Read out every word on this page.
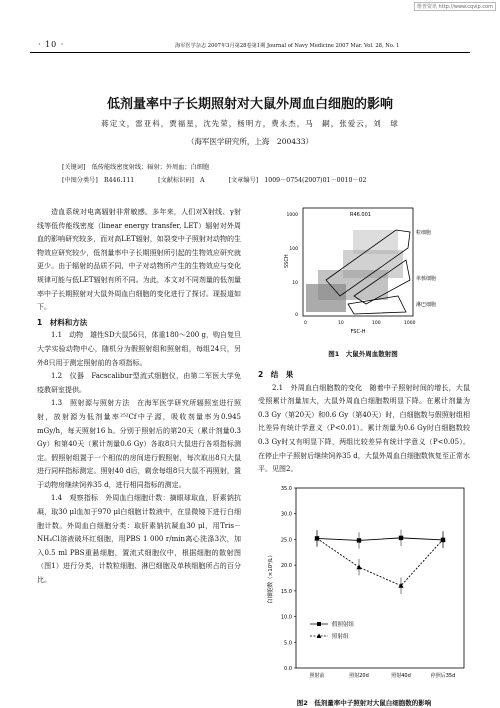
维普资讯 http://www.cqvip.com
· 10 ·	海军医学杂志 2007年3月第28卷第1期 Journal of Navy Medicine 2007 Mar. Vol. 28, No. 1
低剂量率中子长期照射对大鼠外周血白细胞的影响
蒋定文，雷亚科，贾福星，沈先荣，杨明方，费永杰，马　嗣，张爱云，刘　球
（海军医学研究所，上海　200433）
[关键词]　低传能线密度射线；辐射；外周血；白细胞
[中图分类号]　R446.111	[文献标识码]　A	[文章编号]　1009－0754(2007)01－0010－02

造血系统对电离辐射非常敏感。多年来，人们对X射线、γ射线等低传能线密度（linear energy transfer, LET）辐射对外周血的影响研究较多，而对高LET辐射，如裂变中子照射对动物的生物效应研究较少，低剂量率中子长期照射所引起的生物效应研究就更少。由于辐射的品质不同，中子对动物所产生的生物效应与变化规律可能与低LET辐射有所不同。为此，本文对不同剂量的低剂量率中子长期照射对大鼠外周血白细胞的变化进行了探讨。现报道如下。

1　材料和方法

1.1　动物　雄性SD大鼠56只，体重180～200 g，购自复旦大学实验动物中心，随机分为假照射组和照射组，每组24只，另外8只用于测定照射前的各项指标。

1.2　仪器　Facscalibur型流式细胞仪，由第二军医大学免疫教研室提供。

1.3　照射源与照射方法　在海军医学研究所辐照室进行照射，放射源为低剂量率²⁵²Cf中子源，吸收剂量率为0.945 mGy/h，每天照射16 h。分别于照射后的第20天（累计剂量0.3 Gy）和第40天（累计剂量0.6 Gy）各取8只大鼠进行各项指标测定。假照射组置于一个相似的房间进行假照射，每次取出8只大鼠进行同样指标测定。照射40 d后，剩余每组8只大鼠不再照射，置于动物房继续饲养35 d，进行相同指标的测定。

1.4　观察指标　外周血白细胞计数：摘眼球取血，肝素钠抗凝，取30 μl血加于970 μl白细胞计数液中，在显微镜下进行白细胞计数。外周血白细胞分类：取肝素钠抗凝血30 μl，用Tris－NH₄Cl溶液破坏红细胞，用PBS 1 000 r/min离心洗涤3次，加入0.5 ml PBS重悬细胞，置流式细胞仪中，根据细胞的散射图（图1）进行分类，计数粒细胞、淋巴细胞及单核细胞所占的百分比。

R46.001
粒细胞
单核细胞
淋巴细胞
SSCH
0
10
100
1000
0	10	100	1000
FSC-H
图1　大鼠外周血散射图
2　结　果

2.1　外周血白细胞数的变化　随着中子照射时间的增长，大鼠受照累计剂量加大，大鼠外周血白细胞数明显下降。在累计剂量为0.3 Gy（第20天）和0.6 Gy（第40天）时，白细胞数与假照射组相比差异有统计学意义（P<0.01）。累计剂量为0.6 Gy时白细胞数较0.3 Gy时又有明显下降，两组比较差异有统计学意义（P<0.05）。在停止中子照射后继续饲养35 d，大鼠外周血白细胞数恢复至正常水平。见图2。

白细胞数（×10⁹/L）
0.0
5.0
10.0
15.0
20.0
25.0
30.0
35.0
照射前	照射20d	照射40d	停照后35d
假照射组
照射组
图2　低剂量率中子照射对大鼠白细胞数的影响
